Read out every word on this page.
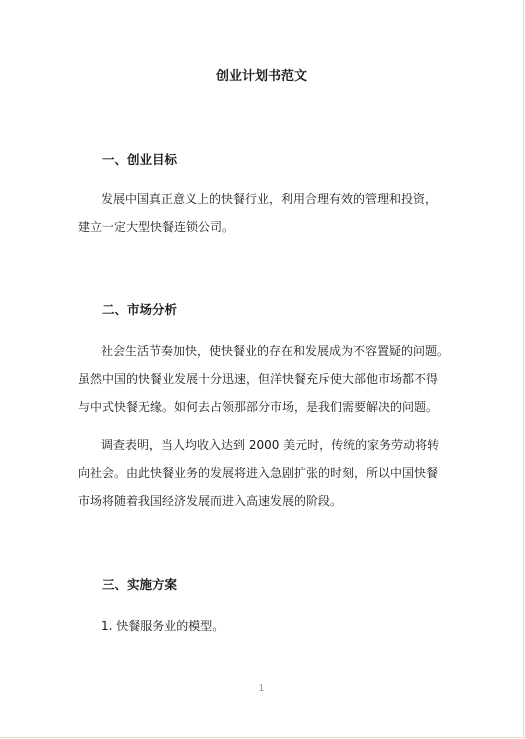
创业计划书范文
一、创业目标

发展中国真正意义上的快餐行业，利用合理有效的管理和投资，
建立一定大型快餐连锁公司。

二、市场分析

社会生活节奏加快，使快餐业的存在和发展成为不容置疑的问题。
虽然中国的快餐业发展十分迅速，但洋快餐充斥使大部他市场都不得
与中式快餐无缘。如何去占领那部分市场，是我们需要解决的问题。

调查表明，当人均收入达到 2000 美元时，传统的家务劳动将转
向社会。由此快餐业务的发展将进入急剧扩张的时刻，所以中国快餐
市场将随着我国经济发展而进入高速发展的阶段。

三、实施方案

1. 快餐服务业的模型。

1
